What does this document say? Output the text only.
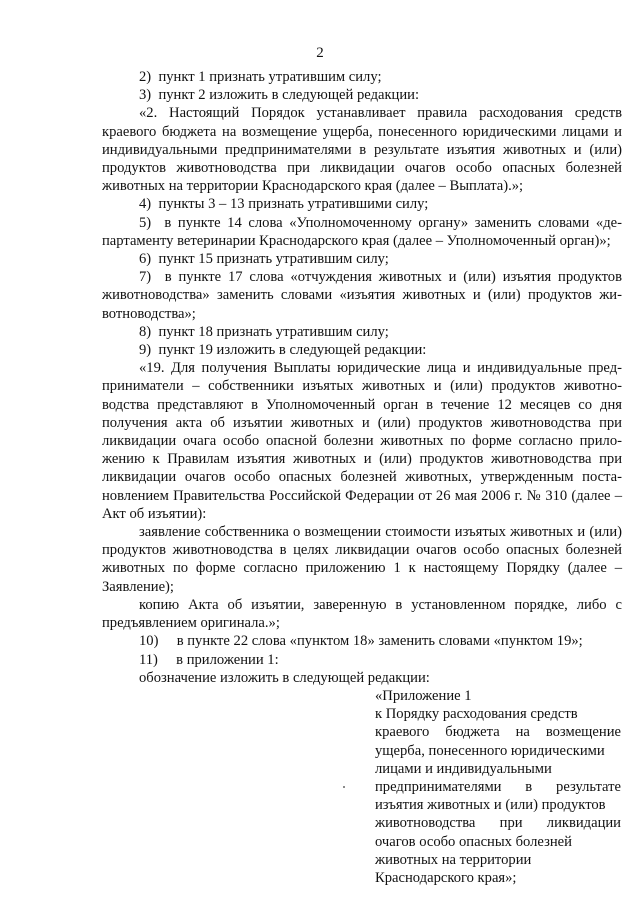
2

2)  пункт 1 признать утратившим силу;

3)  пункт 2 изложить в следующей редакции:

«2. Настоящий Порядок устанавливает правила расходования средств краевого бюджета на возмещение ущерба, понесенного юридическими лицами и индивидуальными предпринимателями в результате изъятия животных и (или) продуктов животноводства при ликвидации очагов особо опасных болезней животных на территории Краснодарского края (далее – Выплата).»;

4)  пункты 3 – 13 признать утратившими силу;

5)  в пункте 14 слова «Уполномоченному органу» заменить словами «департаменту ветеринарии Краснодарского края (далее – Уполномоченный орган)»;

6)  пункт 15 признать утратившим силу;

7)  в пункте 17 слова «отчуждения животных и (или) изъятия продуктов животноводства» заменить словами «изъятия животных и (или) продуктов животноводства»;

8)  пункт 18 признать утратившим силу;

9)  пункт 19 изложить в следующей редакции:

«19. Для получения Выплаты юридические лица и индивидуальные предприниматели – собственники изъятых животных и (или) продуктов животноводства представляют в Уполномоченный орган в течение 12 месяцев со дня получения акта об изъятии животных и (или) продуктов животноводства при ликвидации очага особо опасной болезни животных по форме согласно приложению к Правилам изъятия животных и (или) продуктов животноводства при ликвидации очагов особо опасных болезней животных, утвержденным постановлением Правительства Российской Федерации от 26 мая 2006 г. № 310 (далее – Акт об изъятии):

заявление собственника о возмещении стоимости изъятых животных и (или) продуктов животноводства в целях ликвидации очагов особо опасных болезней животных по форме согласно приложению 1 к настоящему Порядку (далее – Заявление);

копию Акта об изъятии, заверенную в установленном порядке, либо с предъявлением оригинала.»;

10)     в пункте 22 слова «пунктом 18» заменить словами «пунктом 19»;

11)     в приложении 1:

обозначение изложить в следующей редакции:

«Приложение 1
к Порядку расходования средств
краевого бюджета на возмещение
ущерба, понесенного юридическими
лицами и индивидуальными
предпринимателями в результате
изъятия животных и (или) продуктов
животноводства при ликвидации
очагов особо опасных болезней
животных на территории
Краснодарского края»;
